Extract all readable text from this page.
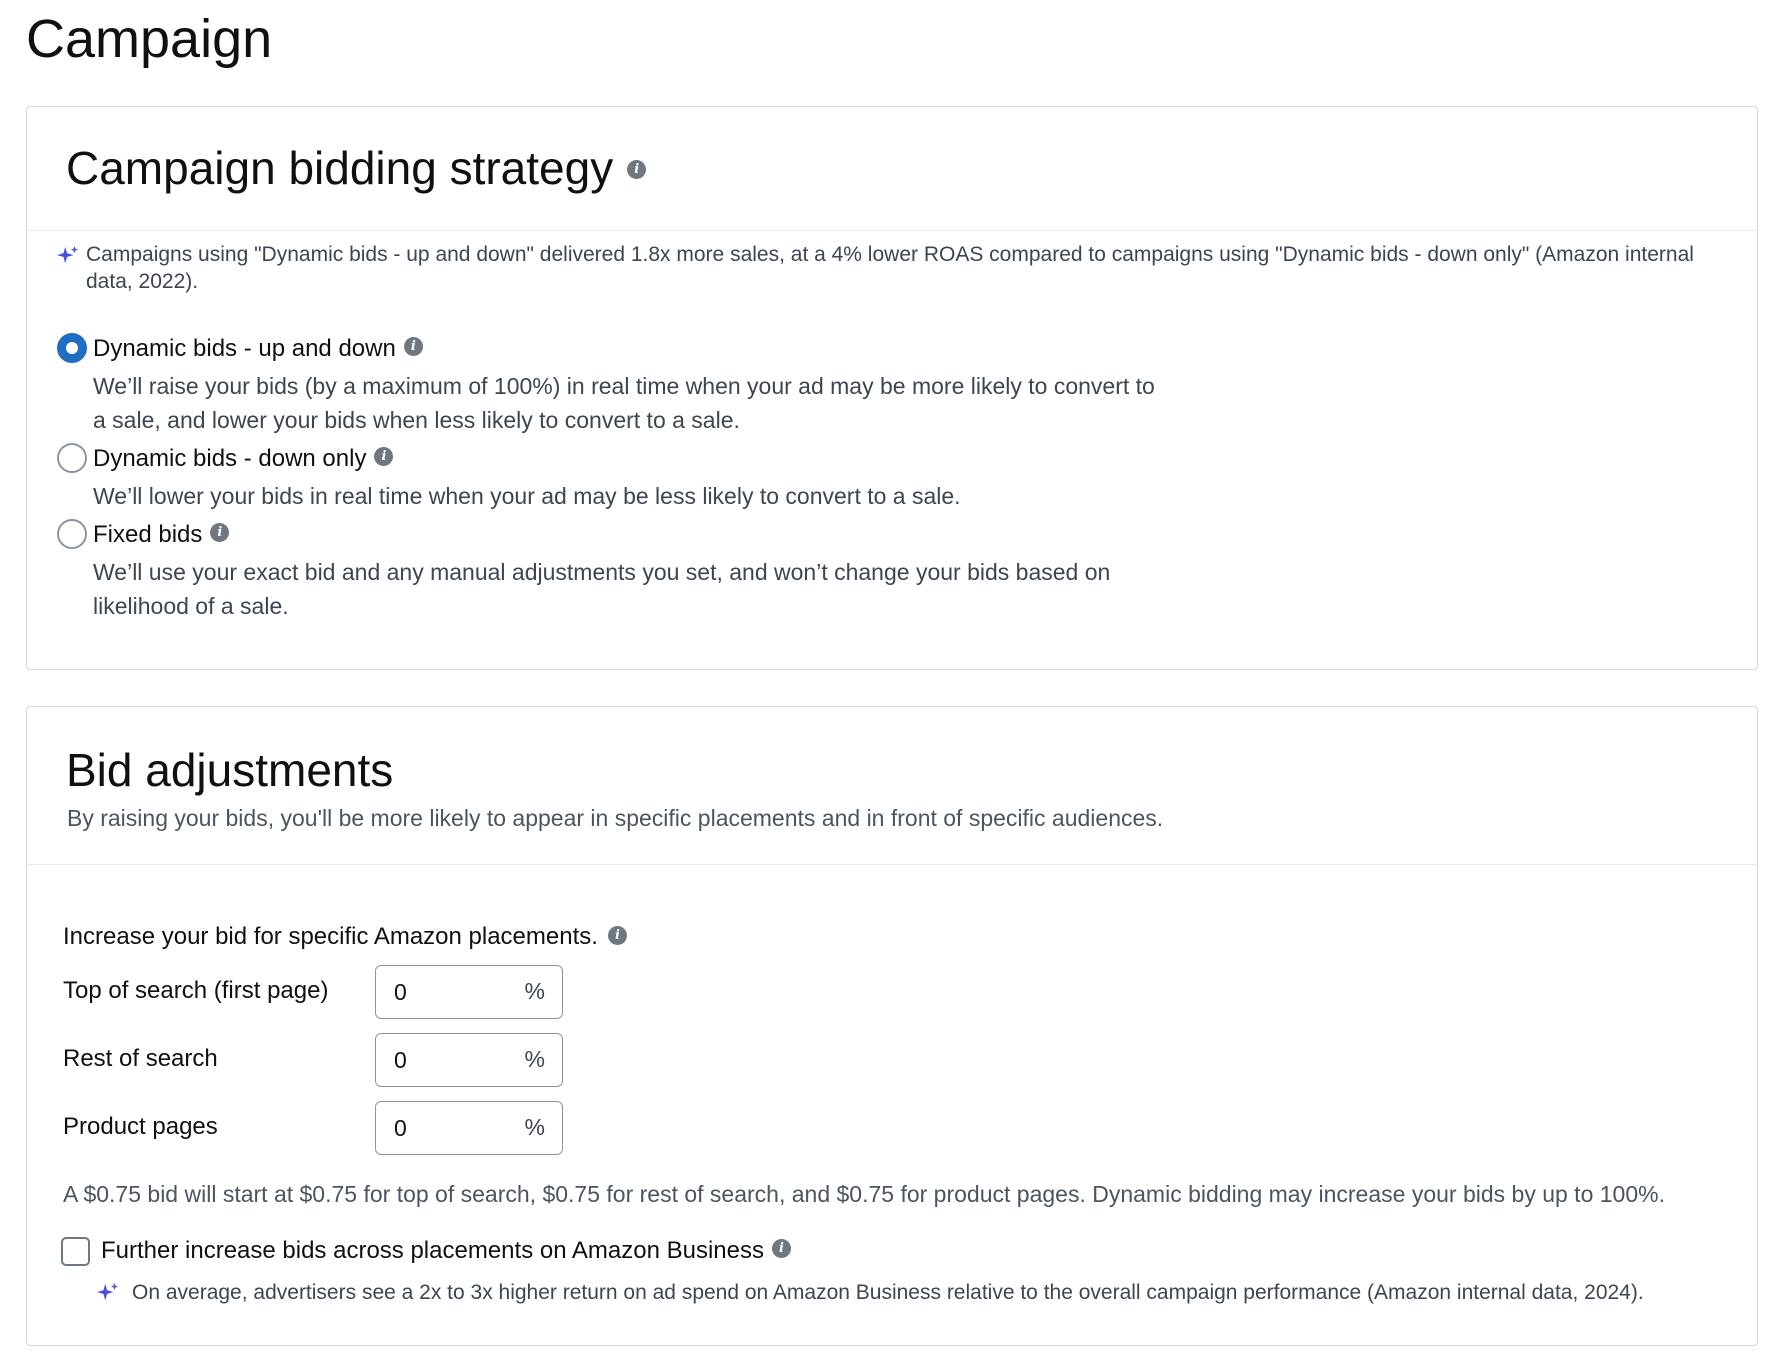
Campaign
Campaign bidding strategy i
Campaigns using "Dynamic bids - up and down" delivered 1.8x more sales, at a 4% lower ROAS compared to campaigns using "Dynamic bids - down only" (Amazon internal data, 2022).
Dynamic bids - up and down i
We’ll raise your bids (by a maximum of 100%) in real time when your ad may be more likely to convert to a sale, and lower your bids when less likely to convert to a sale.
Dynamic bids - down only i
We’ll lower your bids in real time when your ad may be less likely to convert to a sale.
Fixed bids i
We’ll use your exact bid and any manual adjustments you set, and won’t change your bids based on likelihood of a sale.
Bid adjustments
By raising your bids, you'll be more likely to appear in specific placements and in front of specific audiences.
Increase your bid for specific Amazon placements. i
Top of search (first page)
0	%
Rest of search
0	%
Product pages
0	%
A $0.75 bid will start at $0.75 for top of search, $0.75 for rest of search, and $0.75 for product pages. Dynamic bidding may increase your bids by up to 100%.
Further increase bids across placements on Amazon Business i
On average, advertisers see a 2x to 3x higher return on ad spend on Amazon Business relative to the overall campaign performance (Amazon internal data, 2024).
